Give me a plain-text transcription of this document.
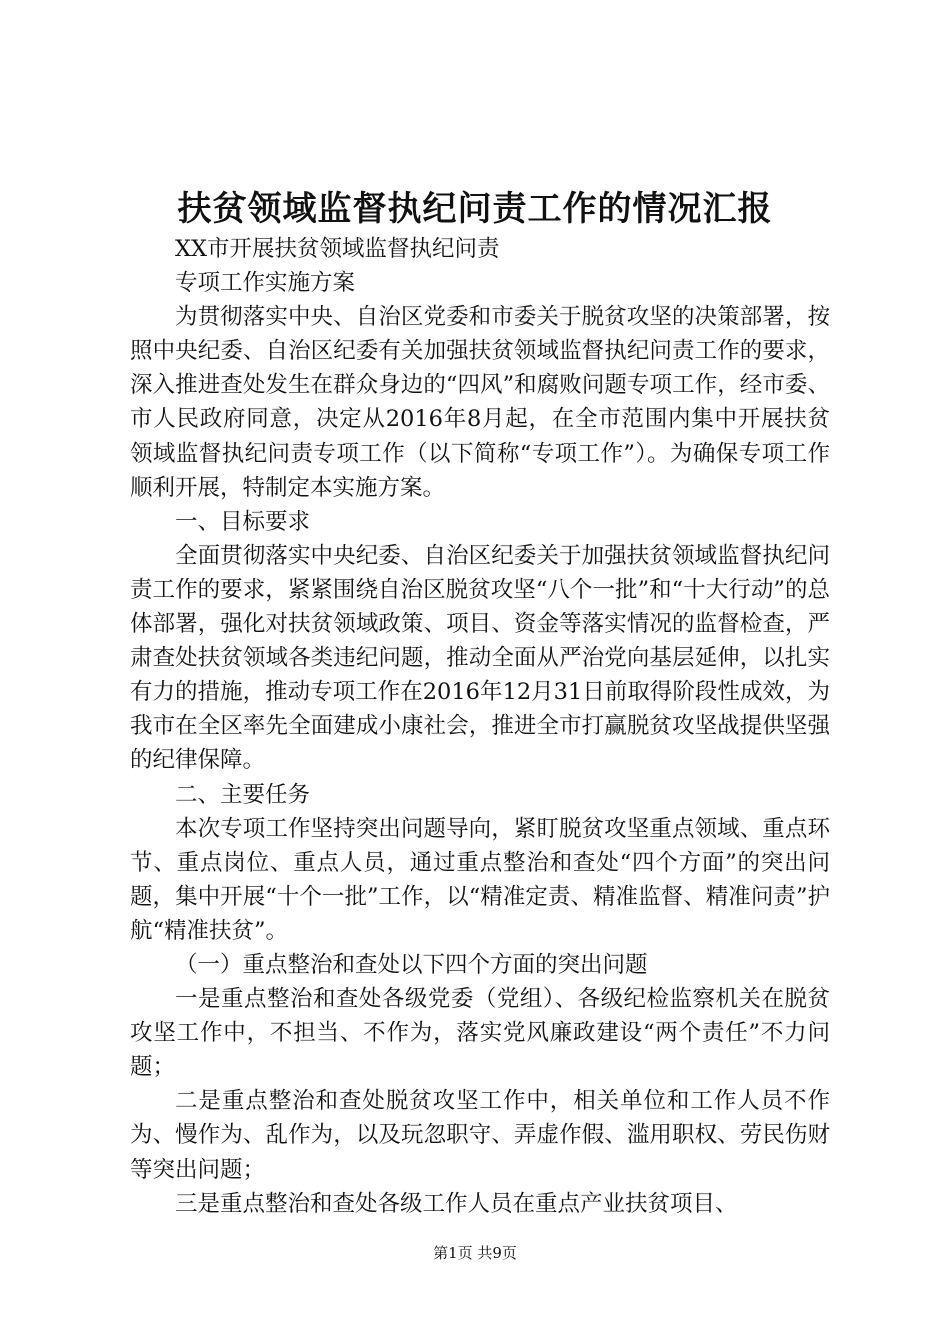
扶贫领域监督执纪问责工作的情况汇报

XX市开展扶贫领域监督执纪问责

专项工作实施方案

为贯彻落实中央、自治区党委和市委关于脱贫攻坚的决策部署，按照中央纪委、自治区纪委有关加强扶贫领域监督执纪问责工作的要求，深入推进查处发生在群众身边的“四风”和腐败问题专项工作，经市委、市人民政府同意，决定从2016年8月起，在全市范围内集中开展扶贫领域监督执纪问责专项工作（以下简称“专项工作”）。为确保专项工作顺利开展，特制定本实施方案。

一、目标要求

全面贯彻落实中央纪委、自治区纪委关于加强扶贫领域监督执纪问责工作的要求，紧紧围绕自治区脱贫攻坚“八个一批”和“十大行动”的总体部署，强化对扶贫领域政策、项目、资金等落实情况的监督检查，严肃查处扶贫领域各类违纪问题，推动全面从严治党向基层延伸，以扎实有力的措施，推动专项工作在2016年12月31日前取得阶段性成效，为我市在全区率先全面建成小康社会，推进全市打赢脱贫攻坚战提供坚强的纪律保障。

二、主要任务

本次专项工作坚持突出问题导向，紧盯脱贫攻坚重点领域、重点环节、重点岗位、重点人员，通过重点整治和查处“四个方面”的突出问题，集中开展“十个一批”工作，以“精准定责、精准监督、精准问责”护航“精准扶贫”。

（一）重点整治和查处以下四个方面的突出问题

一是重点整治和查处各级党委（党组）、各级纪检监察机关在脱贫攻坚工作中，不担当、不作为，落实党风廉政建设“两个责任”不力问题；

二是重点整治和查处脱贫攻坚工作中，相关单位和工作人员不作为、慢作为、乱作为，以及玩忽职守、弄虚作假、滥用职权、劳民伤财等突出问题；

三是重点整治和查处各级工作人员在重点产业扶贫项目、

第1页 共9页
